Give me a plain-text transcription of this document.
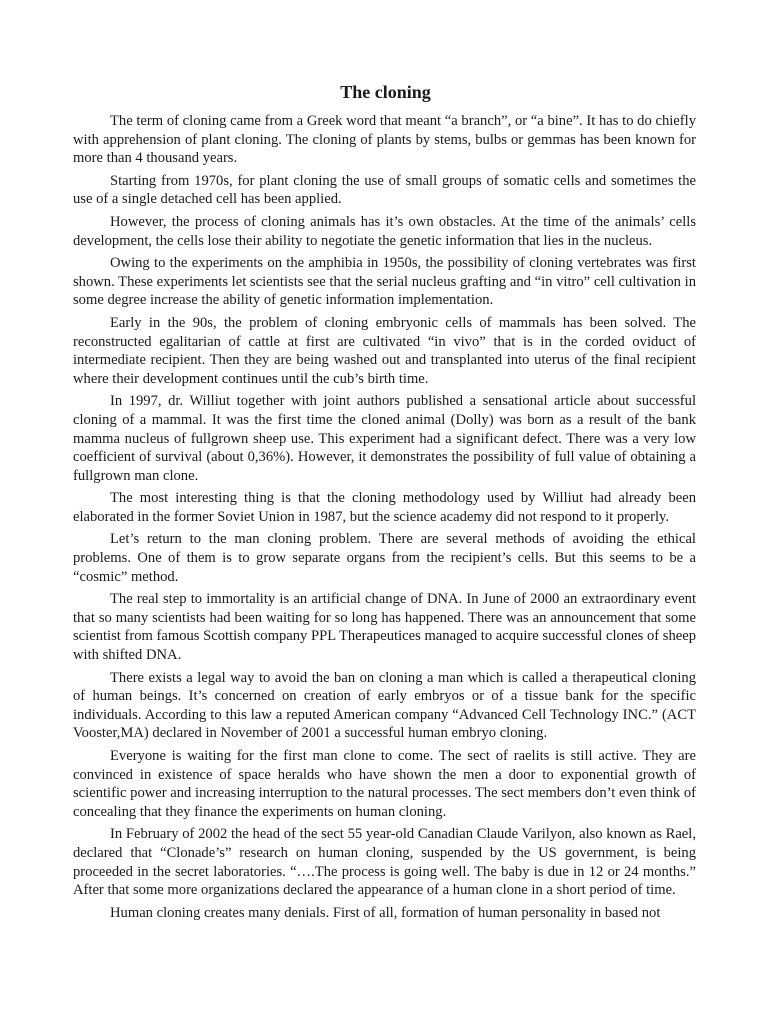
The cloning

The term of cloning came from a Greek word that meant “a branch”, or “a bine”. It has to do chiefly with apprehension of plant cloning. The cloning of plants by stems, bulbs or gemmas has been known for more than 4 thousand years.

Starting from 1970s, for plant cloning the use of small groups of somatic cells and sometimes the use of a single detached cell has been applied.

However, the process of cloning animals has it’s own obstacles. At the time of the animals’ cells development, the cells lose their ability to negotiate the genetic information that lies in the nucleus.

Owing to the experiments on the amphibia in 1950s, the possibility of cloning vertebrates was first shown. These experiments let scientists see that the serial nucleus grafting and “in vitro” cell cultivation in some degree increase the ability of genetic information implementation.

Early in the 90s, the problem of cloning embryonic cells of mammals has been solved. The reconstructed egalitarian of cattle at first are cultivated “in vivo” that is in the corded oviduct of intermediate recipient. Then they are being washed out and transplanted into uterus of the final recipient where their development continues until the cub’s birth time.

In 1997, dr. Williut together with joint authors published a sensational article about successful cloning of a mammal. It was the first time the cloned animal (Dolly) was born as a result of the bank mamma nucleus of fullgrown sheep use. This experiment had a significant defect. There was a very low coefficient of survival (about 0,36%). However, it demonstrates the possibility of full value of obtaining a fullgrown man clone.

The most interesting thing is that the cloning methodology used by Williut had already been elaborated in the former Soviet Union in 1987, but the science academy did not respond to it properly.

Let’s return to the man cloning problem. There are several methods of avoiding the ethical problems. One of them is to grow separate organs from the recipient’s cells. But this seems to be a “cosmic” method.

The real step to immortality is an artificial change of DNA. In June of 2000 an extraordinary event that so many scientists had been waiting for so long has happened. There was an announcement that some scientist from famous Scottish company PPL Therapeutices managed to acquire successful clones of sheep with shifted DNA.

There exists a legal way to avoid the ban on cloning a man which is called a therapeutical cloning of human beings. It’s concerned on creation of early embryos or of a tissue bank for the specific individuals. According to this law a reputed American company “Advanced Cell Technology INC.” (ACT Vooster,MA) declared in November of 2001 a successful human embryo cloning.

Everyone is waiting for the first man clone to come. The sect of raelits is still active. They are convinced in existence of space heralds who have shown the men a door to exponential growth of scientific power and increasing interruption to the natural processes. The sect members don’t even think of concealing that they finance the experiments on human cloning.

In February of 2002 the head of the sect 55 year-old Canadian Claude Varilyon, also known as Rael, declared that “Clonade’s” research on human cloning, suspended by the US government, is being proceeded in the secret laboratories. “….The process is going well. The baby is due in 12 or 24 months.” After that some more organizations declared the appearance of a human clone in a short period of time.

Human cloning creates many denials. First of all, formation of human personality in based not
